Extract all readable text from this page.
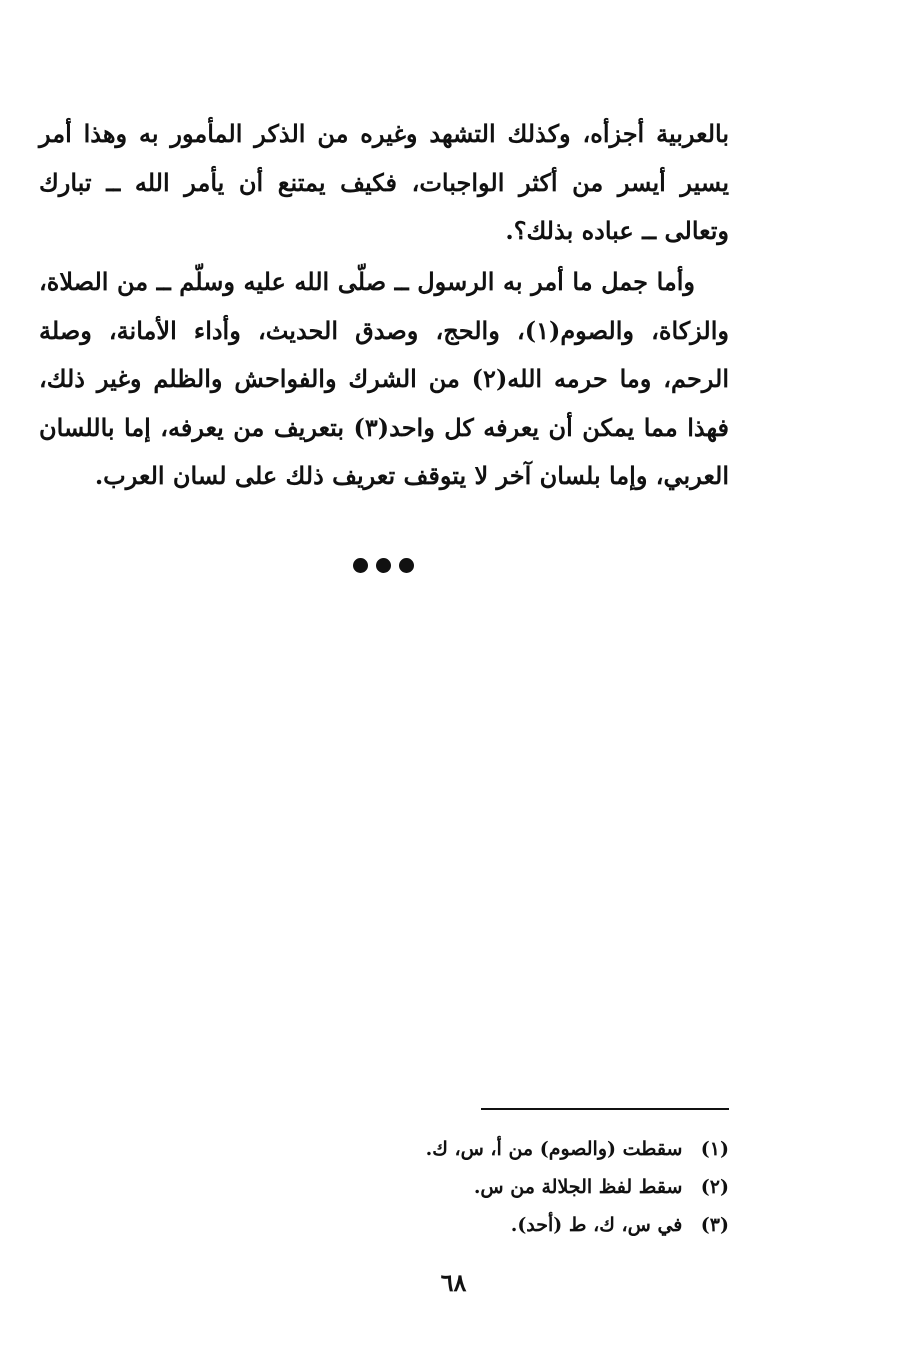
بالعربية أجزأه، وكذلك التشهد وغيره من الذكر المأمور به وهذا أمر يسير أيسر من أكثر الواجبات، فكيف يمتنع أن يأمر الله ــ تبارك وتعالى ــ عباده بذلك؟.

وأما جمل ما أمر به الرسول ــ صلّى الله عليه وسلّم ــ من الصلاة، والزكاة، والصوم(١)، والحج، وصدق الحديث، وأداء الأمانة، وصلة الرحم، وما حرمه الله(٢) من الشرك والفواحش والظلم وغير ذلك، فهذا مما يمكن أن يعرفه كل واحد(٣) بتعريف من يعرفه، إما باللسان العربي، وإما بلسان آخر لا يتوقف تعريف ذلك على لسان العرب.

(١) سقطت (والصوم) من أ، س، ك.
(٢) سقط لفظ الجلالة من س.
(٣) في س، ك، ط (أحد).
٦٨
